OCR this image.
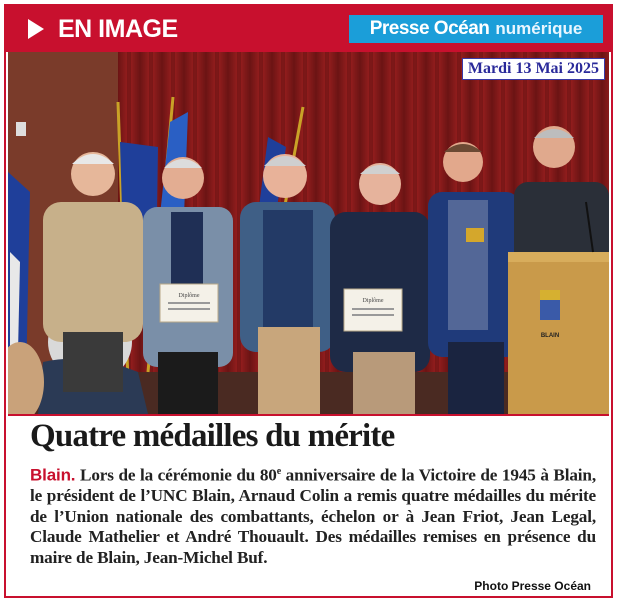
EN IMAGE	Presse Océan numérique
Diplôme
Diplôme
BLAIN
Mardi 13 Mai 2025
Quatre médailles du mérite

Blain. Lors de la cérémonie du 80e anniversaire de la Victoire de 1945 à Blain, le président de l’UNC Blain, Arnaud Colin a remis quatre médailles du mérite de l’Union nationale des combattants, échelon or à Jean Friot, Jean Legal, Claude Mathelier et André Thouault. Des médailles remises en présence du maire de Blain, Jean-Michel Buf.

Photo Presse Océan
